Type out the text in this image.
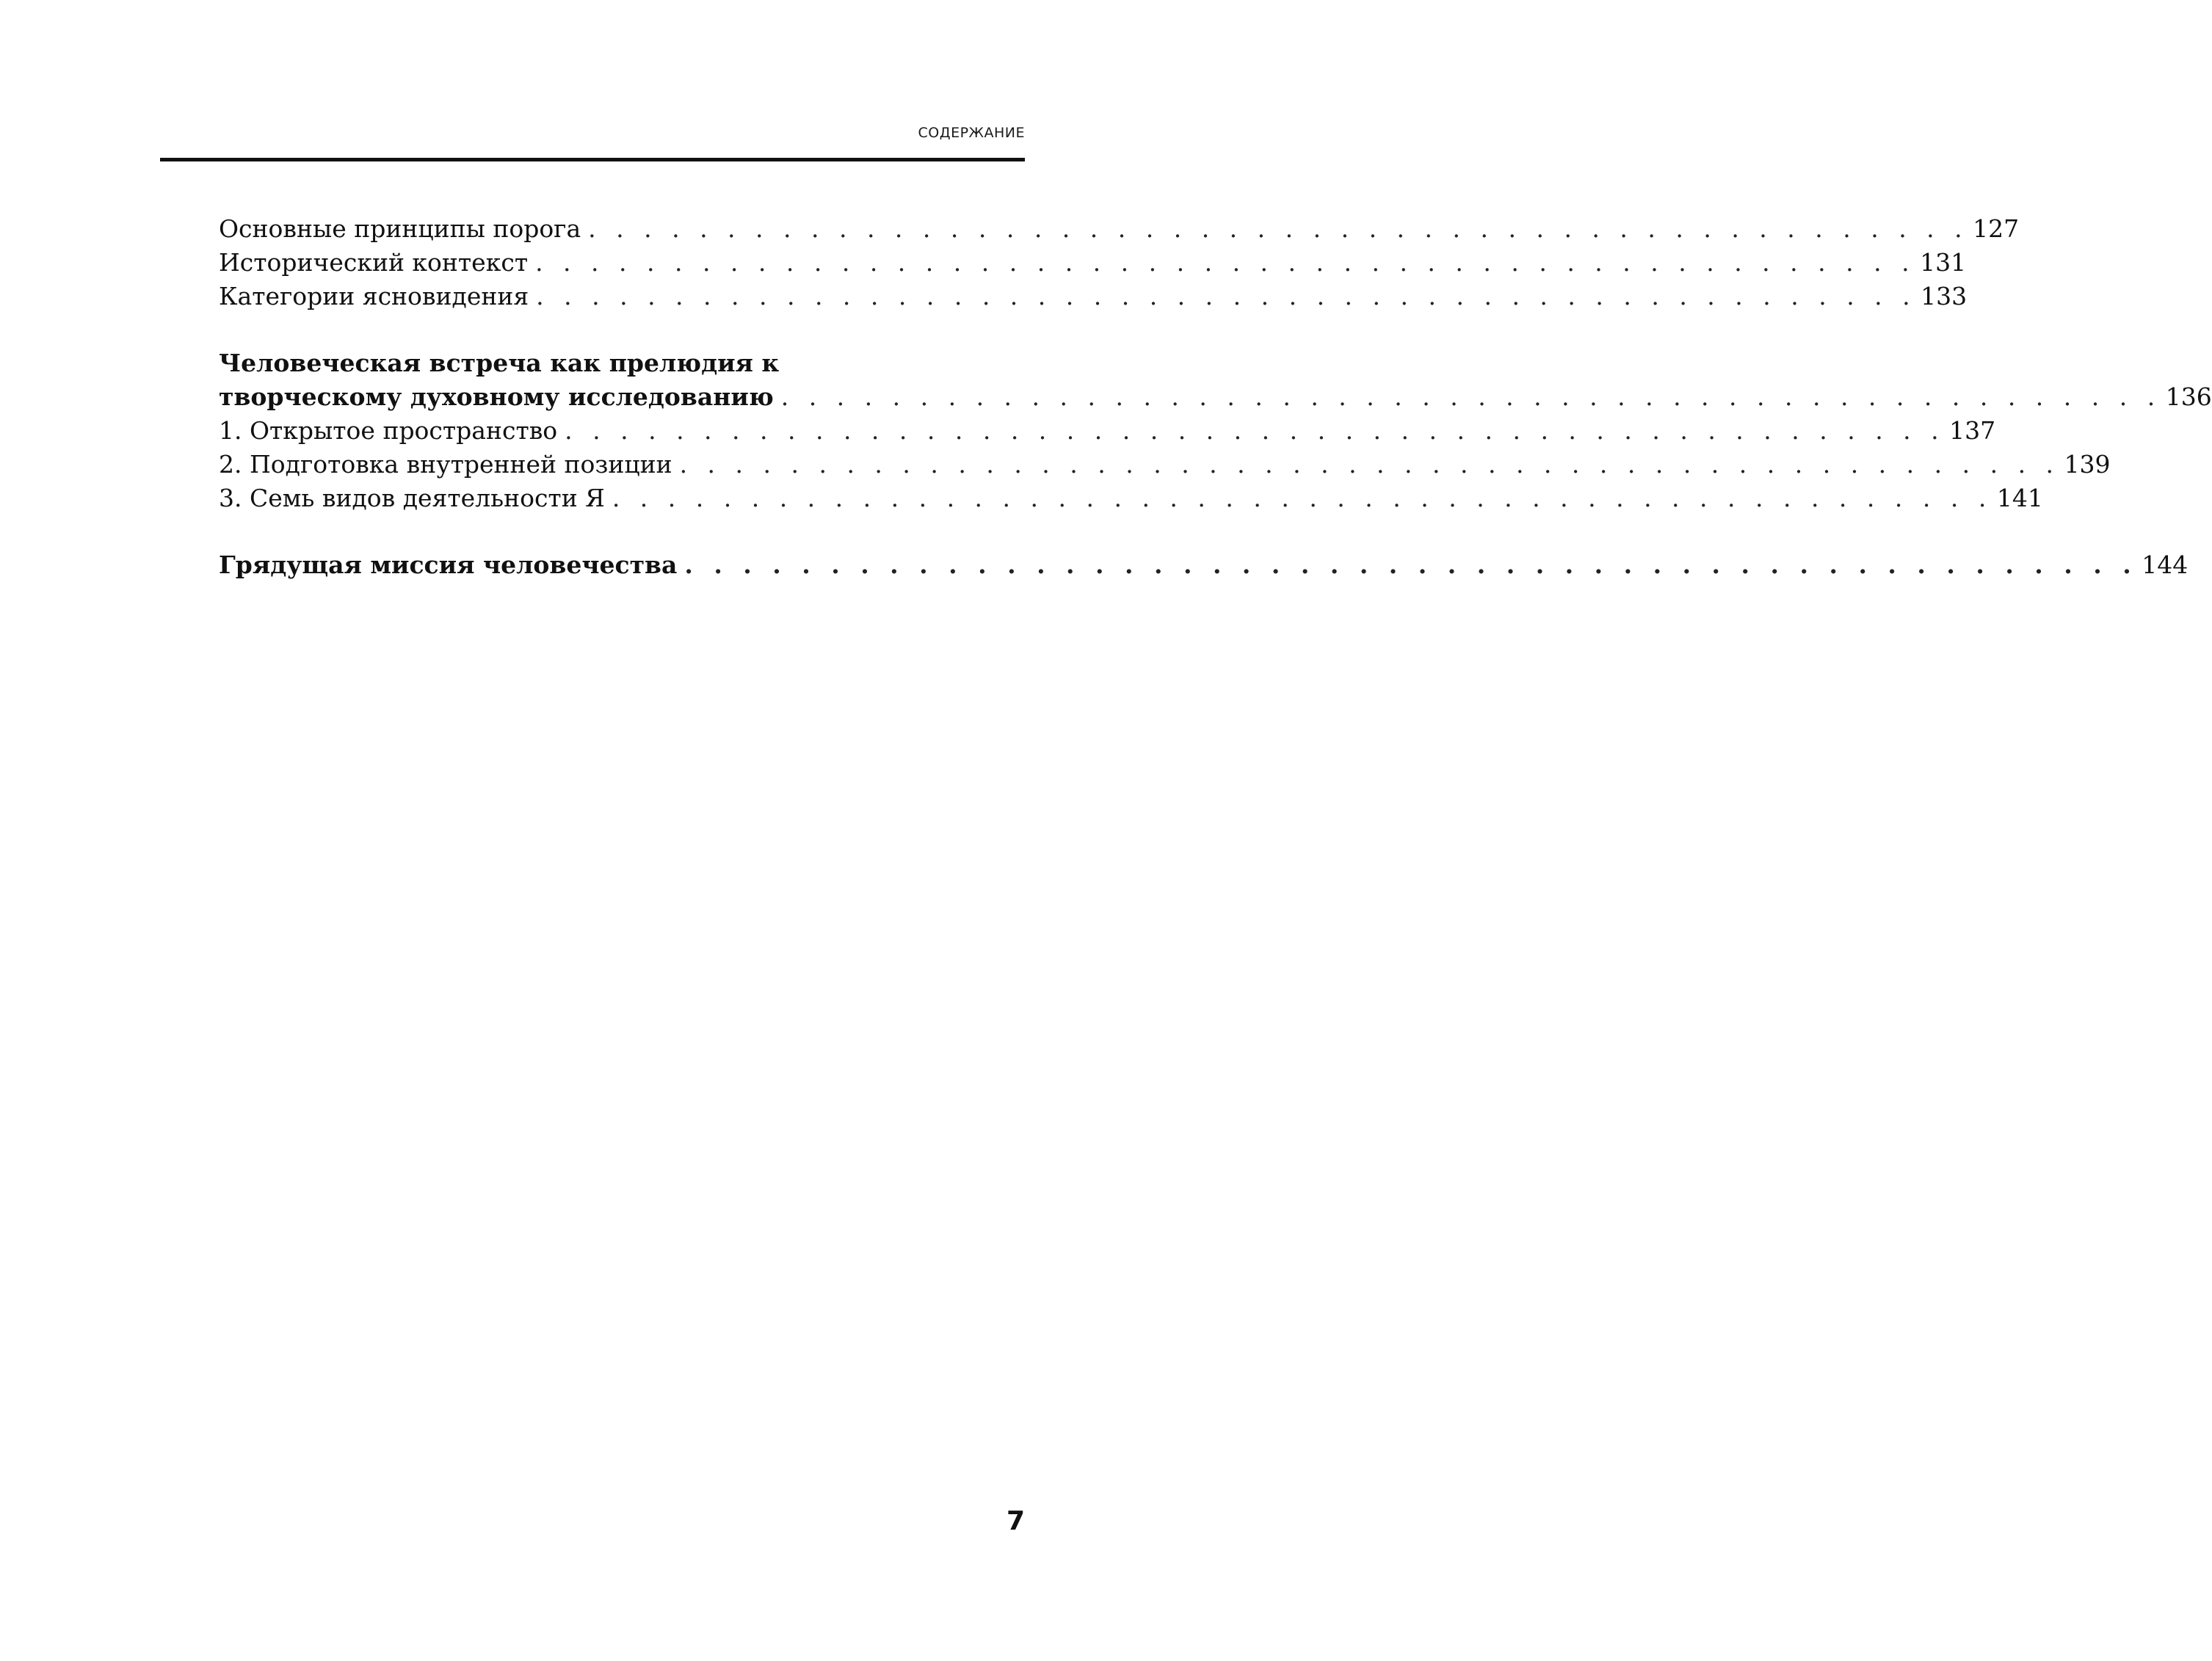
СОДЕРЖАНИЕ
Основные принципы порога . . . . . . . . . . . . . . . . . . . . . . . . . . . . . . . . . . . . . . . . . . . . . . . . . . 127
Исторический контекст . . . . . . . . . . . . . . . . . . . . . . . . . . . . . . . . . . . . . . . . . . . . . . . . . . 131
Категории ясновидения . . . . . . . . . . . . . . . . . . . . . . . . . . . . . . . . . . . . . . . . . . . . . . . . . . 133
Человеческая встреча как прелюдия к
творческому духовному исследованию . . . . . . . . . . . . . . . . . . . . . . . . . . . . . . . . . . . . . . . . . . . . . . . . . . 136
1. Открытое пространство . . . . . . . . . . . . . . . . . . . . . . . . . . . . . . . . . . . . . . . . . . . . . . . . . . 137
2. Подготовка внутренней позиции . . . . . . . . . . . . . . . . . . . . . . . . . . . . . . . . . . . . . . . . . . . . . . . . . . 139
3. Семь видов деятельности Я . . . . . . . . . . . . . . . . . . . . . . . . . . . . . . . . . . . . . . . . . . . . . . . . . . 141
Грядущая миссия человечества . . . . . . . . . . . . . . . . . . . . . . . . . . . . . . . . . . . . . . . . . . . . . . . . . . 144
7
